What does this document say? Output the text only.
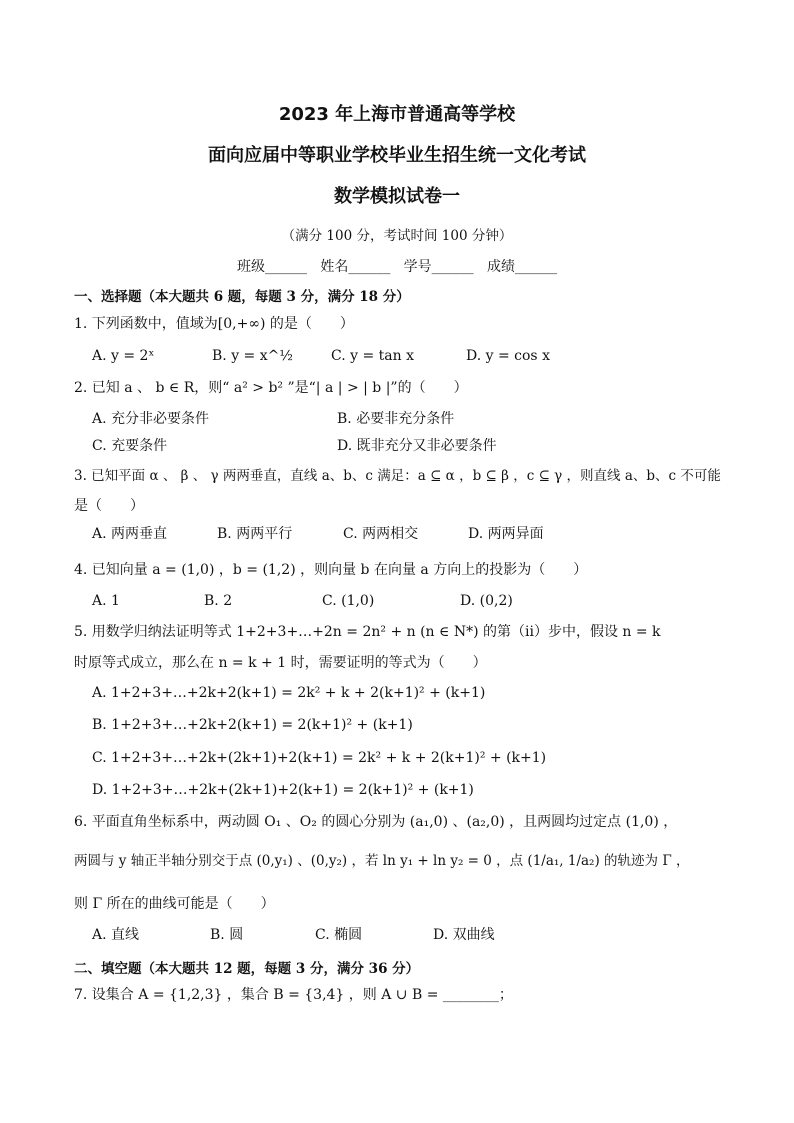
2023 年上海市普通高等学校
面向应届中等职业学校毕业生招生统一文化考试
数学模拟试卷一
（满分 100 分，考试时间 100 分钟）
班级______   姓名______   学号______   成绩______
一、选择题（本大题共 6 题，每题 3 分，满分 18 分）
1. 下列函数中，值域为[0,+∞) 的是（　　）
A. y = 2ˣ	B. y = x^½	C. y = tan x	D. y = cos x
2. 已知 a 、 b ∈ R，则“ a² > b² ”是“| a | > | b |”的（　　）
A. 充分非必要条件	B. 必要非充分条件
C. 充要条件	D. 既非充分又非必要条件
3. 已知平面 α 、 β 、 γ 两两垂直，直线 a、b、c 满足：a ⊆ α ，b ⊆ β ，c ⊆ γ ，则直线 a、b、c 不可能
是（　　）
A. 两两垂直	B. 两两平行	C. 两两相交	D. 两两异面
4. 已知向量 a = (1,0) ，b = (1,2) ，则向量 b 在向量 a 方向上的投影为（　　）
A. 1	B. 2	C. (1,0)	D. (0,2)
5. 用数学归纳法证明等式 1+2+3+…+2n = 2n² + n (n ∈ N*) 的第（ii）步中，假设 n = k
时原等式成立，那么在 n = k + 1 时，需要证明的等式为（　　）
A. 1+2+3+…+2k+2(k+1) = 2k² + k + 2(k+1)² + (k+1)
B. 1+2+3+…+2k+2(k+1) = 2(k+1)² + (k+1)
C. 1+2+3+…+2k+(2k+1)+2(k+1) = 2k² + k + 2(k+1)² + (k+1)
D. 1+2+3+…+2k+(2k+1)+2(k+1) = 2(k+1)² + (k+1)
6. 平面直角坐标系中，两动圆 O₁ 、O₂ 的圆心分别为 (a₁,0) 、(a₂,0) ，且两圆均过定点 (1,0) ，
两圆与 y 轴正半轴分别交于点 (0,y₁) 、(0,y₂) ，若 ln y₁ + ln y₂ = 0 ，点 (1/a₁, 1/a₂) 的轨迹为 Γ ，
则 Γ 所在的曲线可能是（　　）
A. 直线	B. 圆	C. 椭圆	D. 双曲线
二、填空题（本大题共 12 题，每题 3 分，满分 36 分）
7. 设集合 A = {1,2,3} ，集合 B = {3,4} ，则 A ∪ B = ________；
